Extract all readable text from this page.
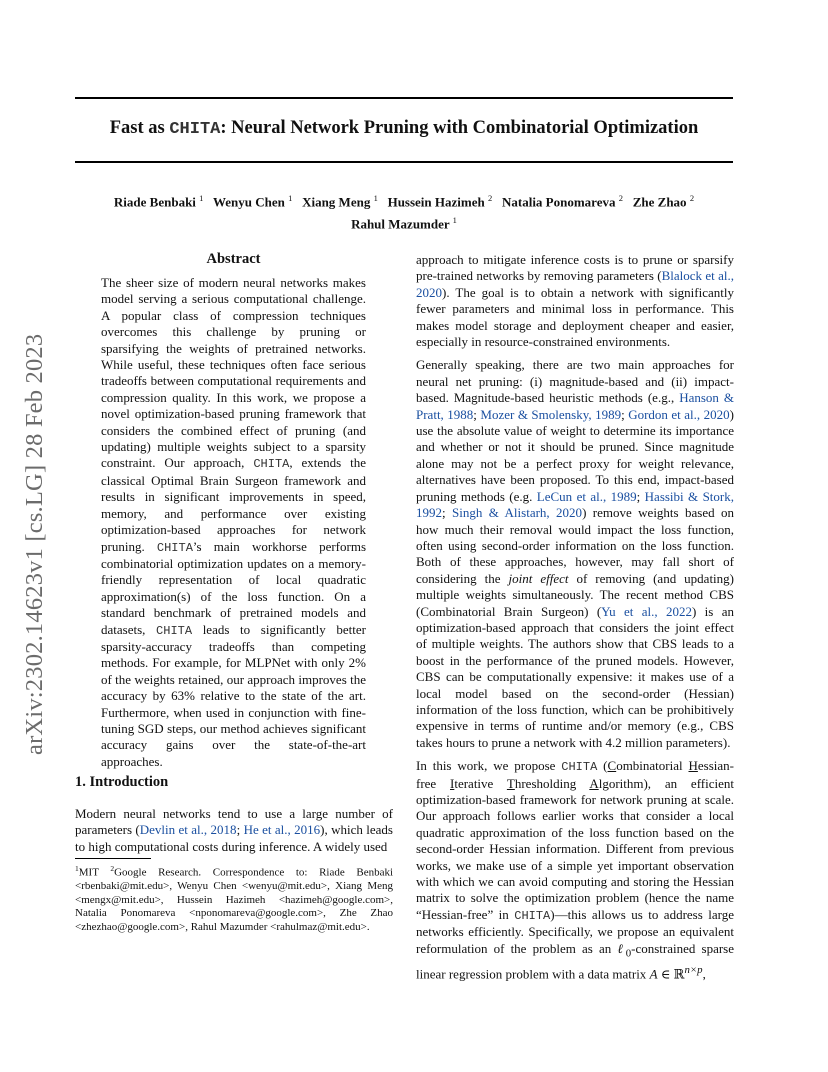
Fast as CHITA: Neural Network Pruning with Combinatorial Optimization
Riade Benbaki $^1$ Wenyu Chen $^1$ Xiang Meng $^1$ Hussein Hazimeh $^2$ Natalia Ponomareva $^2$ Zhe Zhao $^2$
Rahul Mazumder $^1$
arXiv:2302.14623v1 [cs.LG] 28 Feb 2023
Abstract

The sheer size of modern neural networks makes model serving a serious computational challenge. A popular class of compression techniques overcomes this challenge by pruning or sparsifying the weights of pretrained networks. While useful, these techniques often face serious tradeoffs between computational requirements and compression quality. In this work, we propose a novel optimization-based pruning framework that considers the combined effect of pruning (and updating) multiple weights subject to a sparsity constraint. Our approach, CHITA, extends the classical Optimal Brain Surgeon framework and results in significant improvements in speed, memory, and performance over existing optimization-based approaches for network pruning. CHITA’s main workhorse performs combinatorial optimization updates on a memory-friendly representation of local quadratic approximation(s) of the loss function. On a standard benchmark of pretrained models and datasets, CHITA leads to significantly better sparsity-accuracy tradeoffs than competing methods. For example, for MLPNet with only 2% of the weights retained, our approach improves the accuracy by 63% relative to the state of the art. Furthermore, when used in conjunction with fine-tuning SGD steps, our method achieves significant accuracy gains over the state-of-the-art approaches.

1. Introduction

Modern neural networks tend to use a large number of parameters (Devlin et al., 2018; He et al., 2016), which leads to high computational costs during inference. A widely used

$^1$MIT $^2$Google Research. Correspondence to: Riade Benbaki <rbenbaki@mit.edu>, Wenyu Chen <wenyu@mit.edu>, Xiang Meng <mengx@mit.edu>, Hussein Hazimeh <hazimeh@google.com>, Natalia Ponomareva <nponomareva@google.com>, Zhe Zhao <zhezhao@google.com>, Rahul Mazumder <rahulmaz@mit.edu>.

approach to mitigate inference costs is to prune or sparsify pre-trained networks by removing parameters (Blalock et al., 2020). The goal is to obtain a network with significantly fewer parameters and minimal loss in performance. This makes model storage and deployment cheaper and easier, especially in resource-constrained environments.

Generally speaking, there are two main approaches for neural net pruning: (i) magnitude-based and (ii) impact-based. Magnitude-based heuristic methods (e.g., Hanson & Pratt, 1988; Mozer & Smolensky, 1989; Gordon et al., 2020) use the absolute value of weight to determine its importance and whether or not it should be pruned. Since magnitude alone may not be a perfect proxy for weight relevance, alternatives have been proposed. To this end, impact-based pruning methods (e.g. LeCun et al., 1989; Hassibi & Stork, 1992; Singh & Alistarh, 2020) remove weights based on how much their removal would impact the loss function, often using second-order information on the loss function. Both of these approaches, however, may fall short of considering the joint effect of removing (and updating) multiple weights simultaneously. The recent method CBS (Combinatorial Brain Surgeon) (Yu et al., 2022) is an optimization-based approach that considers the joint effect of multiple weights. The authors show that CBS leads to a boost in the performance of the pruned models. However, CBS can be computationally expensive: it makes use of a local model based on the second-order (Hessian) information of the loss function, which can be prohibitively expensive in terms of runtime and/or memory (e.g., CBS takes hours to prune a network with 4.2 million parameters).

In this work, we propose CHITA (Combinatorial Hessian-free Iterative Thresholding Algorithm), an efficient optimization-based framework for network pruning at scale. Our approach follows earlier works that consider a local quadratic approximation of the loss function based on the second-order Hessian information. Different from previous works, we make use of a simple yet important observation with which we can avoid computing and storing the Hessian matrix to solve the optimization problem (hence the name “Hessian-free” in CHITA)—this allows us to address large networks efficiently. Specifically, we propose an equivalent reformulation of the problem as an ℓ$_0$-constrained sparse linear regression problem with a data matrix A ∈ ℝ$^{n\times p}$,
